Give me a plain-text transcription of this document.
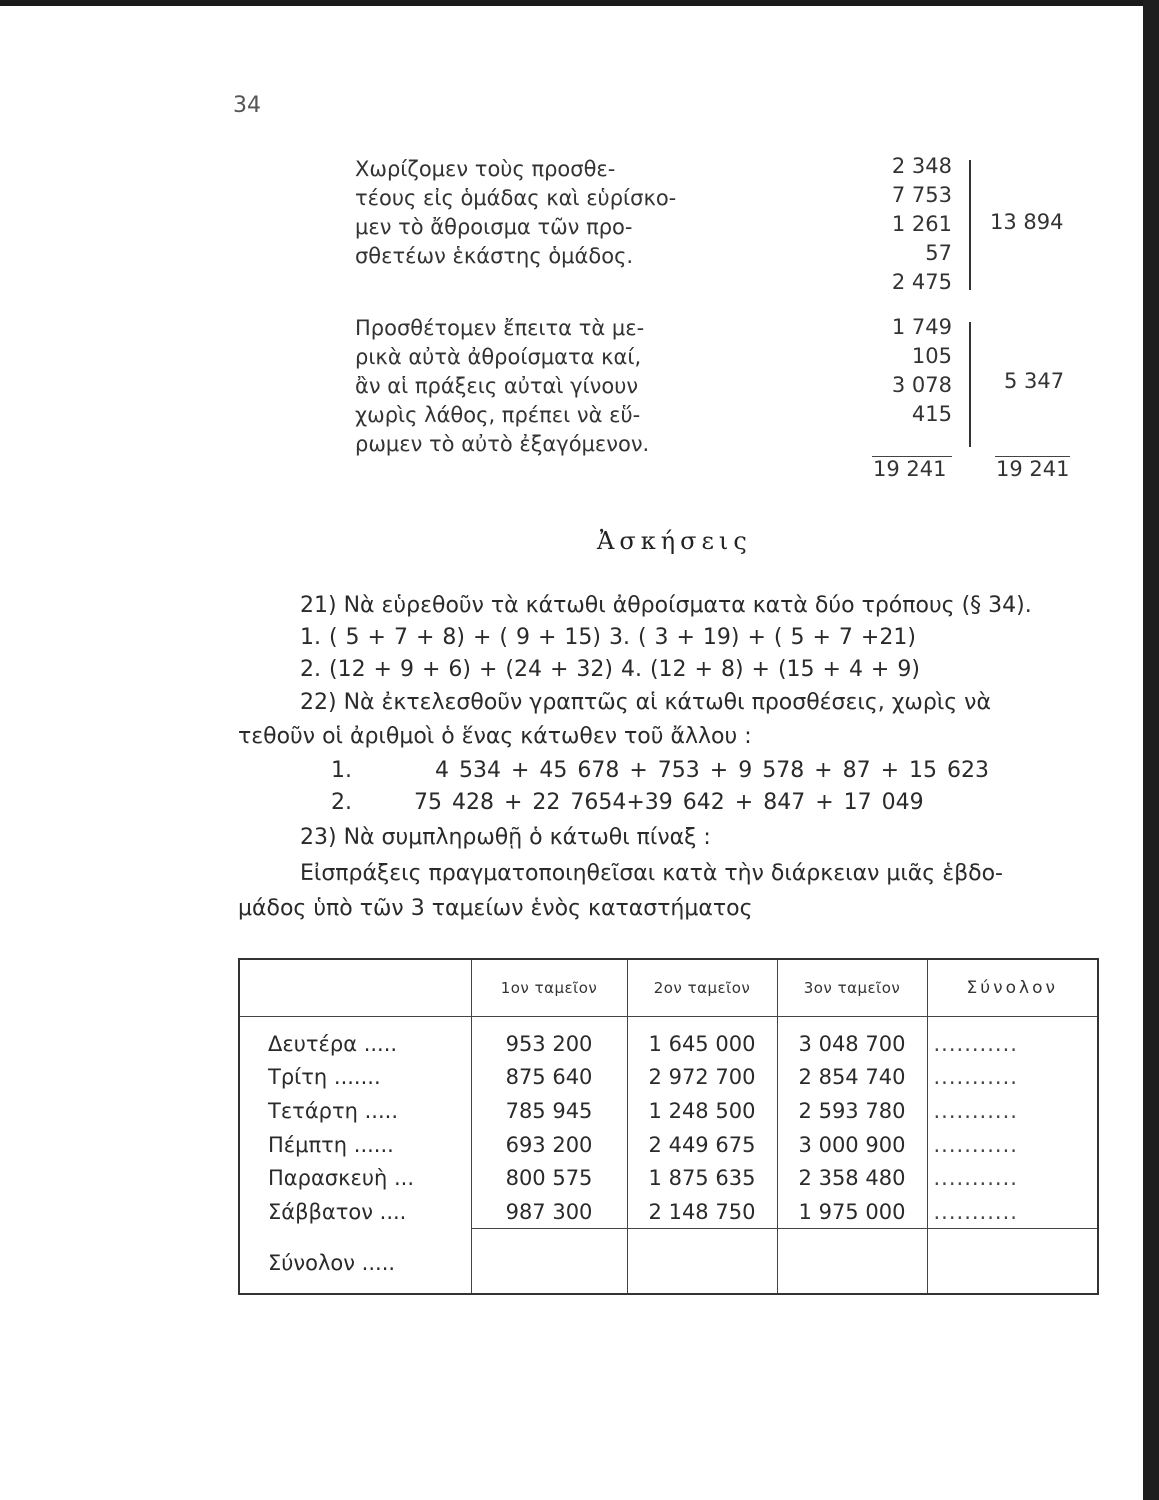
34
Χωρίζομεν τοὺς προσθε-
τέους εἰς ὁμάδας καὶ εὑρίσκο-
μεν τὸ ἄθροισμα τῶν προ-
σθετέων ἑκάστης ὁμάδος.
Προσθέτομεν ἔπειτα τὰ με-
ρικὰ αὐτὰ ἀθροίσματα καί,
ἂν αἱ πράξεις αὐταὶ γίνουν
χωρὶς λάθος, πρέπει νὰ εὕ-
ρωμεν τὸ αὐτὸ ἐξαγόμενον.
2 348
7 753
1 261
57
2 475
13 894
1 749
105
3 078
415
5 347
19 241 19 241
Ἀσκήσεις
21) Νὰ εὑρεθοῦν τὰ κάτωθι ἀθροίσματα κατὰ δύο τρόπους (§ 34).
1. ( 5 + 7 + 8) + ( 9 + 15) 3. ( 3 + 19) + ( 5 + 7 +21)
2. (12 + 9 + 6) + (24 + 32) 4. (12 + 8) + (15 + 4 + 9)
22) Νὰ ἐκτελεσθοῦν γραπτῶς αἱ κάτωθι προσθέσεις, χωρὶς νὰ
τεθοῦν οἱ ἀριθμοὶ ὁ ἕνας κάτωθεν τοῦ ἄλλου :
1.	4 534 + 45 678 + 753 + 9 578 + 87 + 15 623
2.	75 428 + 22 7654+39 642 + 847 + 17 049
23) Νὰ συμπληρωθῇ ὁ κάτωθι πίναξ :
Εἰσπράξεις πραγματοποιηθεῖσαι κατὰ τὴν διάρκειαν μιᾶς ἑβδο-
μάδος ὑπὸ τῶν 3 ταμείων ἑνὸς καταστήματος
	1ον ταμεῖον	2ον ταμεῖον	3ον ταμεῖον	Σύνολον

Δευτέρα .....	953 200	1 645 000	3 048 700	...........
Τρίτη .......	875 640	2 972 700	2 854 740	...........
Τετάρτη .....	785 945	1 248 500	2 593 780	...........
Πέμπτη ......	693 200	2 449 675	3 000 900	...........
Παρασκευὴ ...	800 575	1 875 635	2 358 480	...........
Σάββατον ....	987 300	2 148 750	1 975 000	...........
Σύνολον .....				
